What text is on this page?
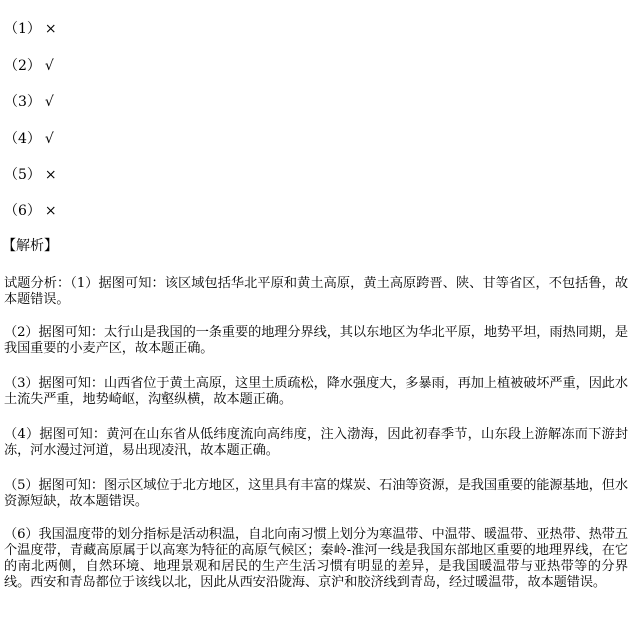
（1） ×
（2） √
（3） √
（4） √
（5） ×
（6） ×
【解析】

试题分析：（1）据图可知：该区域包括华北平原和黄土高原，黄土高原跨晋、陕、甘等省区，不包括鲁，故本题错误。

（2）据图可知：太行山是我国的一条重要的地理分界线，其以东地区为华北平原，地势平坦，雨热同期，是我国重要的小麦产区，故本题正确。

（3）据图可知：山西省位于黄土高原，这里土质疏松，降水强度大，多暴雨，再加上植被破坏严重，因此水土流失严重，地势崎岖，沟壑纵横，故本题正确。

（4）据图可知：黄河在山东省从低纬度流向高纬度，注入渤海，因此初春季节，山东段上游解冻而下游封冻，河水漫过河道，易出现凌汛，故本题正确。

（5）据图可知：图示区域位于北方地区，这里具有丰富的煤炭、石油等资源，是我国重要的能源基地，但水资源短缺，故本题错误。

（6）我国温度带的划分指标是活动积温，自北向南习惯上划分为寒温带、中温带、暖温带、亚热带、热带五个温度带，青藏高原属于以高寒为特征的高原气候区；秦岭-淮河一线是我国东部地区重要的地理界线，在它的南北两侧，自然环境、地理景观和居民的生产生活习惯有明显的差异，是我国暖温带与亚热带等的分界线。西安和青岛都位于该线以北，因此从西安沿陇海、京沪和胶济线到青岛，经过暖温带，故本题错误。
